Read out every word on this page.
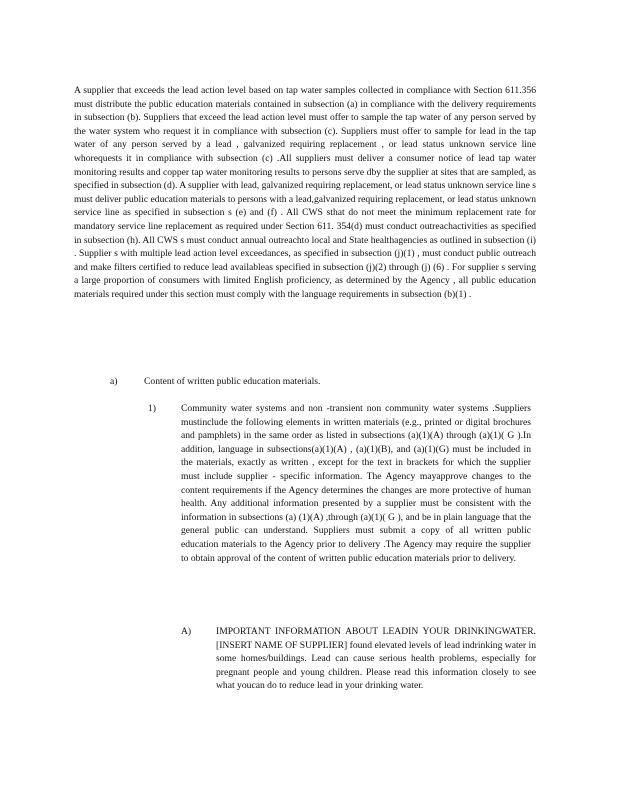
A supplier that exceeds the lead action level based on tap water samples collected in compliance with Section 611.356 must distribute the public education materials contained in subsection (a) in compliance with the delivery requirements in subsection (b). Suppliers that exceed the lead action level must offer to sample the tap water of any person served by the water system who request it in compliance with subsection (c). Suppliers must offer to sample for lead in the tap water of any person served by a lead , galvanized requiring replacement , or lead status unknown service line whorequests it in compliance with subsection (c) .All suppliers must deliver a consumer notice of lead tap water monitoring results and copper tap water monitoring results to persons serve dby the supplier at sites that are sampled, as specified in subsection (d). A supplier with lead, galvanized requiring replacement, or lead status unknown service line s must deliver public education materials to persons with a lead,galvanized requiring replacement, or lead status unknown service line as specified in subsection s (e) and (f) . All CWS sthat do not meet the minimum replacement rate for mandatory service line replacement as required under Section 611. 354(d) must conduct outreachactivities as specified in subsection (h). All CWS s must conduct annual outreachto local and State healthagencies as outlined in subsection (i) . Supplier s with multiple lead action level exceedances, as specified in subsection (j)(1) , must conduct public outreach and make filters certified to reduce lead availableas specified in subsection (j)(2) through (j) (6) . For supplier s serving a large proportion of consumers with limited English proficiency, as determined by the Agency , all public education materials required under this section must comply with the language requirements in subsection (b)(1) .

a)	Content of written public education materials.
1)	Community water systems and non -transient non community water systems .Suppliers mustinclude the following elements in written materials (e.g., printed or digital brochures and pamphlets) in the same order as listed in subsections (a)(1)(A) through (a)(1)( G ).In addition, language in subsections(a)(1)(A) , (a)(1)(B), and (a)(1)(G) must be included in the materials, exactly as written , except for the text in brackets for which the supplier must include supplier - specific information. The Agency mayapprove changes to the content requirements if the Agency determines the changes are more protective of human health. Any additional information presented by a supplier must be consistent with the information in subsections (a) (1)(A) ,through (a)(1)( G ), and be in plain language that the general public can understand. Suppliers must submit a copy of all written public education materials to the Agency prior to delivery .The Agency may require the supplier to obtain approval of the content of written public education materials prior to delivery.

A)	IMPORTANT INFORMATION ABOUT LEADIN YOUR DRINKINGWATER. [INSERT NAME OF SUPPLIER] found elevated levels of lead indrinking water in some homes/buildings. Lead can cause serious health problems, especially for pregnant people and young children. Please read this information closely to see what youcan do to reduce lead in your drinking water.
